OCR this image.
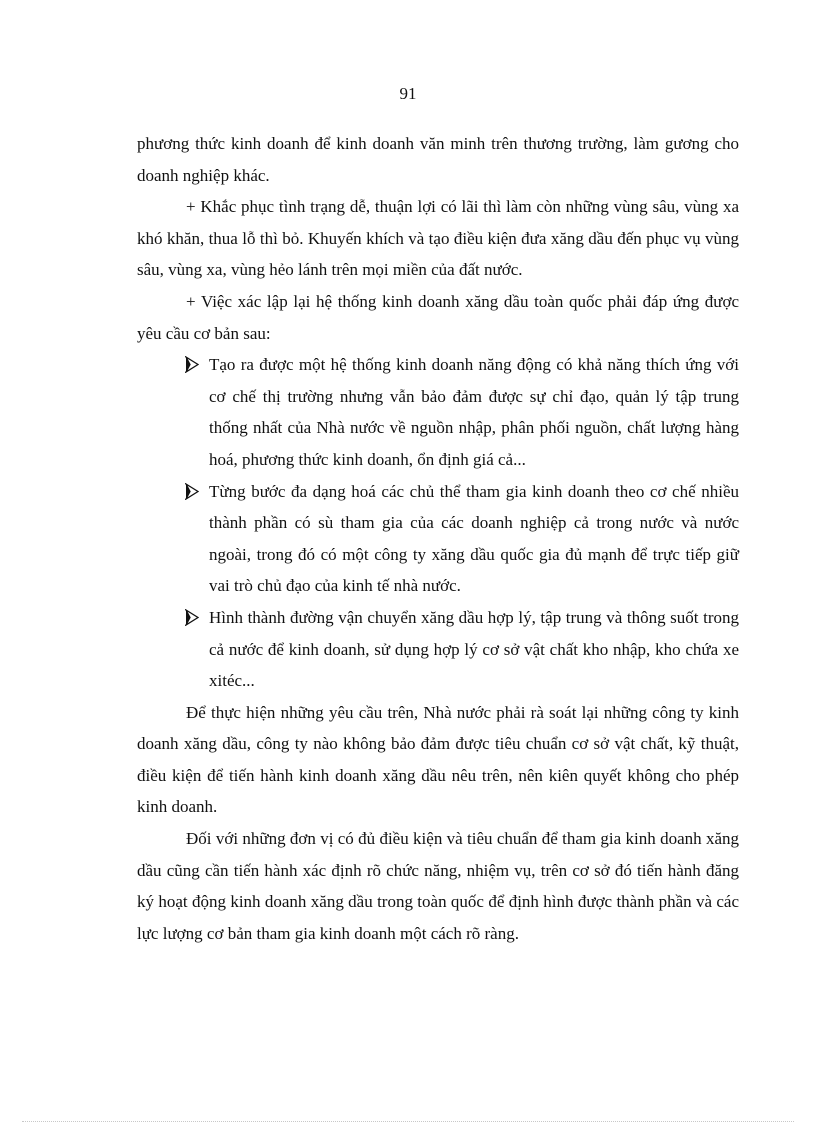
91

phương thức kinh doanh để kinh doanh văn minh trên thương trường, làm gương cho doanh nghiệp khác.

+ Khắc phục tình trạng dễ, thuận lợi có lãi thì làm còn những vùng sâu, vùng xa khó khăn, thua lỗ thì bỏ. Khuyến khích và tạo điều kiện đưa xăng dầu đến phục vụ vùng sâu, vùng xa, vùng hẻo lánh trên mọi miền của đất nước.

+ Việc xác lập lại hệ thống kinh doanh xăng dầu toàn quốc phải đáp ứng được yêu cầu cơ bản sau:

Tạo ra được một hệ thống kinh doanh năng động có khả năng thích ứng với cơ chế thị trường nhưng vẫn bảo đảm được sự chỉ đạo, quản lý tập trung thống nhất của Nhà nước về nguồn nhập, phân phối nguồn, chất lượng hàng hoá, phương thức kinh doanh, ổn định giá cả...
Từng bước đa dạng hoá các chủ thể tham gia kinh doanh theo cơ chế nhiều thành phần có sù tham gia của các doanh nghiệp cả trong nước và nước ngoài, trong đó có một công ty xăng dầu quốc gia đủ mạnh để trực tiếp giữ vai trò chủ đạo của kinh tế nhà nước.
Hình thành đường vận chuyển xăng dầu hợp lý, tập trung và thông suốt trong cả nước để kinh doanh, sử dụng hợp lý cơ sở vật chất kho nhập, kho chứa xe xitéc...

Để thực hiện những yêu cầu trên, Nhà nước phải rà soát lại những công ty kinh doanh xăng dầu, công ty nào không bảo đảm được tiêu chuẩn cơ sở vật chất, kỹ thuật, điều kiện để tiến hành kinh doanh xăng dầu nêu trên, nên kiên quyết không cho phép kinh doanh.

Đối với những đơn vị có đủ điều kiện và tiêu chuẩn để tham gia kinh doanh xăng dầu cũng cần tiến hành xác định rõ chức năng, nhiệm vụ, trên cơ sở đó tiến hành đăng ký hoạt động kinh doanh xăng dầu trong toàn quốc để định hình được thành phần và các lực lượng cơ bản tham gia kinh doanh một cách rõ ràng.
